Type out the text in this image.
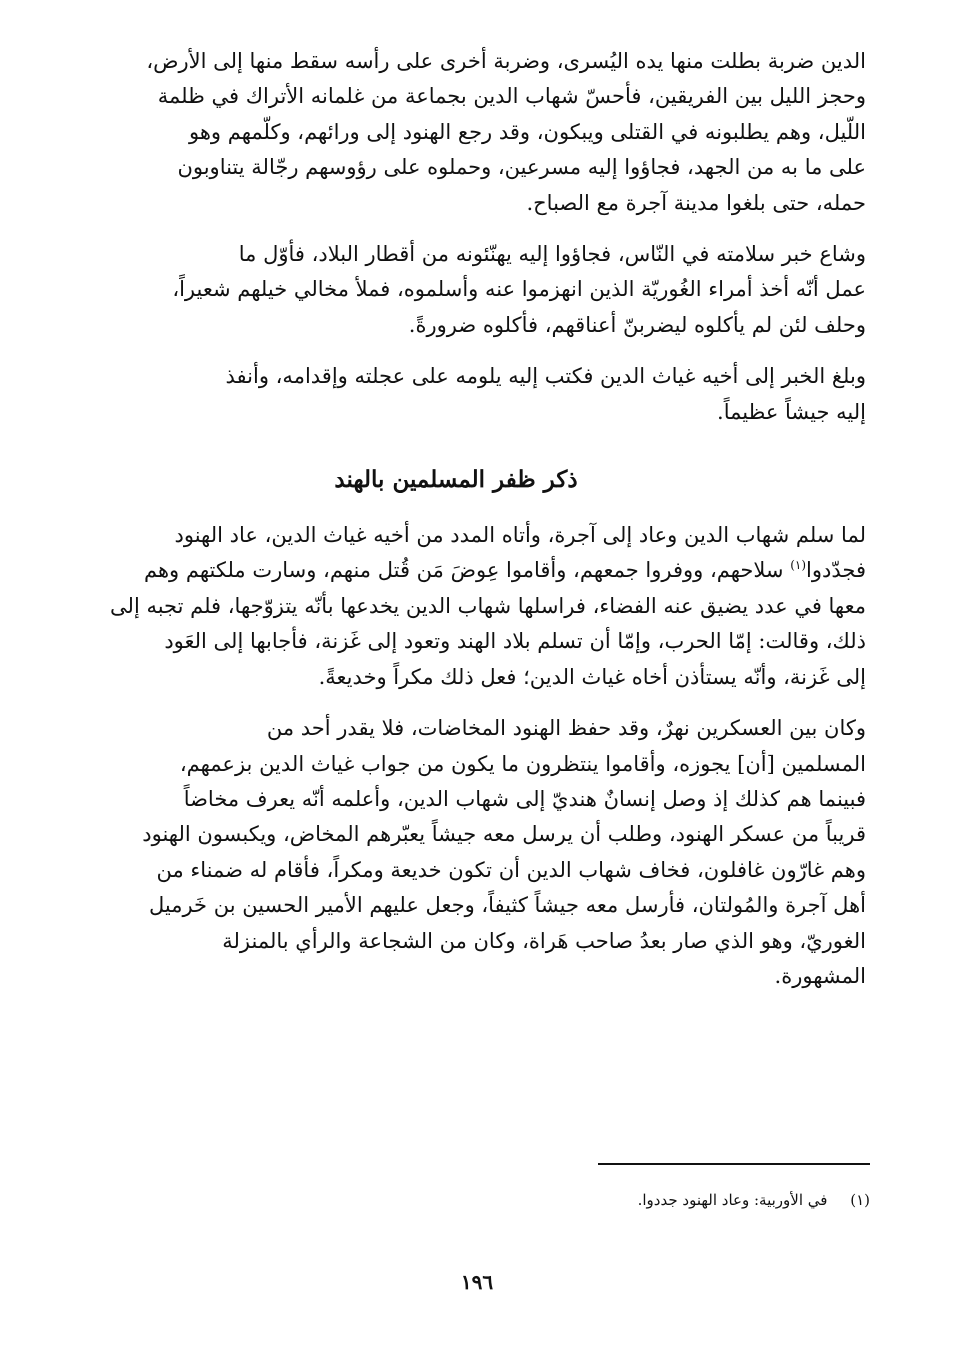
الدين ضربة بطلت منها يده اليُسرى، وضربة أخرى على رأسه سقط منها إلى الأرض،
وحجز الليل بين الفريقين، فأحسّ شهاب الدين بجماعة من غلمانه الأتراك في ظلمة
اللّيل، وهم يطلبونه في القتلى ويبكون، وقد رجع الهنود إلى ورائهم، وكلّمهم وهو
على ما به من الجهد، فجاؤوا إليه مسرعين، وحملوه على رؤوسهم رجّالة يتناوبون
حمله، حتى بلغوا مدينة آجرة مع الصباح.

وشاع خبر سلامته في النّاس، فجاؤوا إليه يهنّئونه من أقطار البلاد، فأوّل ما
عمل أنّه أخذ أمراء الغُوريّة الذين انهزموا عنه وأسلموه، فملأ مخالي خيلهم شعيراً،
وحلف لئن لم يأكلوه ليضربنّ أعناقهم، فأكلوه ضرورةً.

وبلغ الخبر إلى أخيه غياث الدين فكتب إليه يلومه على عجلته وإقدامه، وأنفذ
إليه جيشاً عظيماً.

ذكر ظفر المسلمين بالهند

لما سلم شهاب الدين وعاد إلى آجرة، وأتاه المدد من أخيه غياث الدين، عاد الهنود
فجدّدوا$^{(١)}$ سلاحهم، ووفروا جمعهم، وأقاموا عِوضَ مَن قُتل منهم، وسارت ملكتهم وهم
معها في عدد يضيق عنه الفضاء، فراسلها شهاب الدين يخدعها بأنّه يتزوّجها، فلم تجبه إلى
ذلك، وقالت: إمّا الحرب، وإمّا أن تسلم بلاد الهند وتعود إلى غَزنة، فأجابها إلى العَود
إلى غَزنة، وأنّه يستأذن أخاه غياث الدين؛ فعل ذلك مكراً وخديعةً.

وكان بين العسكرين نهرٌ، وقد حفظ الهنود المخاضات، فلا يقدر أحد من
المسلمين [أن] يجوزه، وأقاموا ينتظرون ما يكون من جواب غياث الدين بزعمهم،
فبينما هم كذلك إذ وصل إنسانٌ هنديّ إلى شهاب الدين، وأعلمه أنّه يعرف مخاضاً
قريباً من عسكر الهنود، وطلب أن يرسل معه جيشاً يعبّرهم المخاض، ويكبسون الهنود
وهم غارّون غافلون، فخاف شهاب الدين أن تكون خديعة ومكراً، فأقام له ضمناء من
أهل آجرة والمُولتان، فأرسل معه جيشاً كثيفاً، وجعل عليهم الأمير الحسين بن خَرميل
الغوريّ، وهو الذي صار بعدُ صاحب هَراة، وكان من الشجاعة والرأي بالمنزلة
المشهورة.

(١) في الأوربية: وعاد الهنود جددوا.
١٩٦
